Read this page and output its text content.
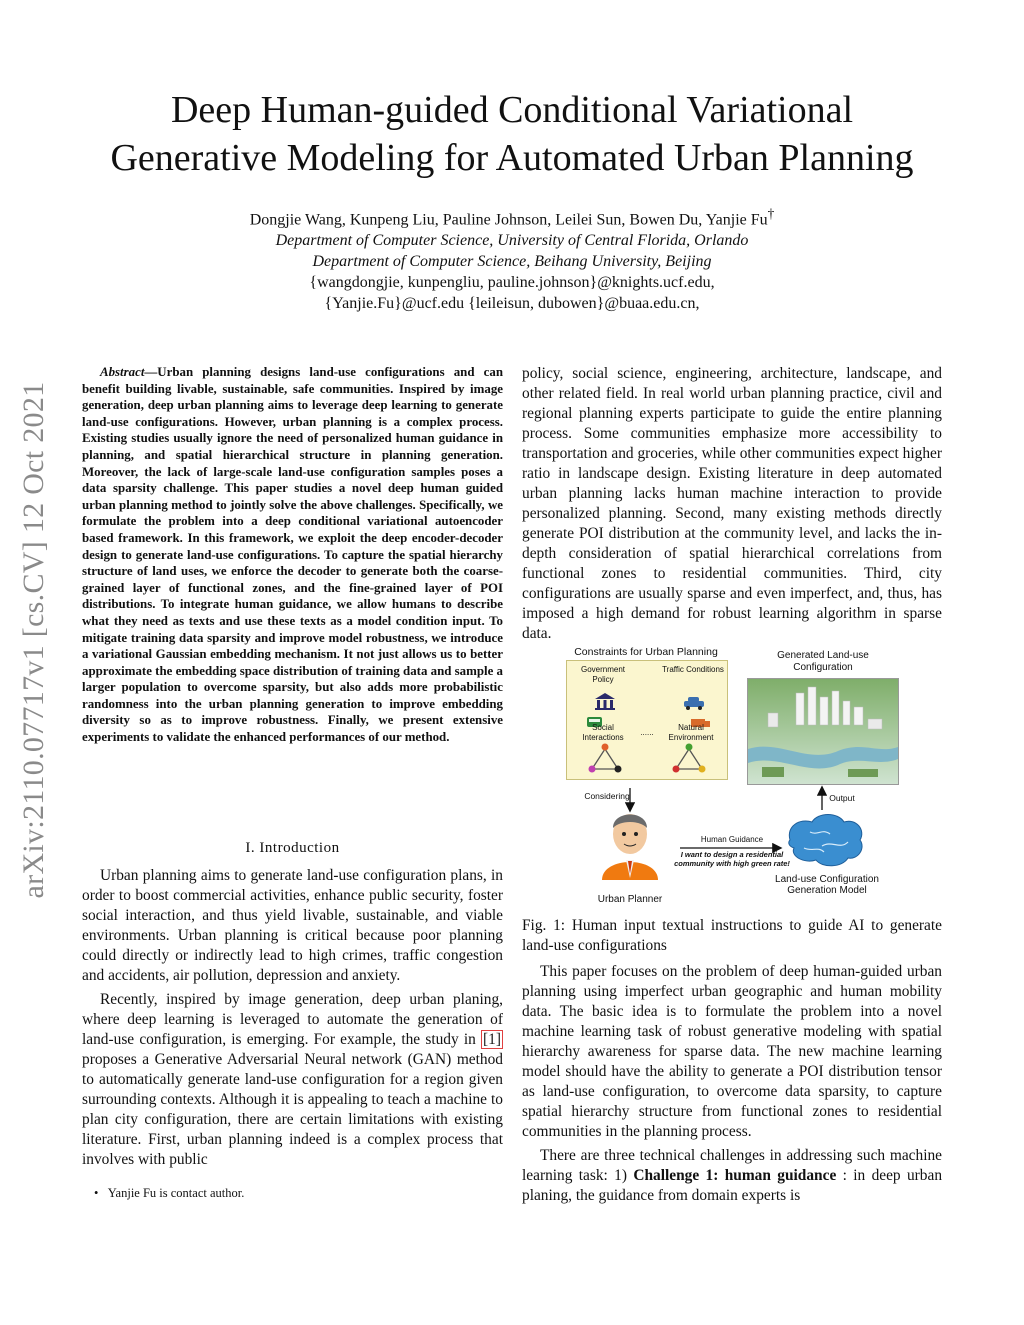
arXiv:2110.07717v1 [cs.CV] 12 Oct 2021
Deep Human-guided Conditional Variational
Generative Modeling for Automated Urban Planning
Dongjie Wang, Kunpeng Liu, Pauline Johnson, Leilei Sun, Bowen Du, Yanjie Fu†
Department of Computer Science, University of Central Florida, Orlando
Department of Computer Science, Beihang University, Beijing
{wangdongjie, kunpengliu, pauline.johnson}@knights.ucf.edu,
{Yanjie.Fu}@ucf.edu {leileisun, dubowen}@buaa.edu.cn,

Abstract—Urban planning designs land-use configurations and can benefit building livable, sustainable, safe communities. Inspired by image generation, deep urban planning aims to leverage deep learning to generate land-use configurations. However, urban planning is a complex process. Existing studies usually ignore the need of personalized human guidance in planning, and spatial hierarchical structure in planning generation. Moreover, the lack of large-scale land-use configuration samples poses a data sparsity challenge. This paper studies a novel deep human guided urban planning method to jointly solve the above challenges. Specifically, we formulate the problem into a deep conditional variational autoencoder based framework. In this framework, we exploit the deep encoder-decoder design to generate land-use configurations. To capture the spatial hierarchy structure of land uses, we enforce the decoder to generate both the coarse-grained layer of functional zones, and the fine-grained layer of POI distributions. To integrate human guidance, we allow humans to describe what they need as texts and use these texts as a model condition input. To mitigate training data sparsity and improve model robustness, we introduce a variational Gaussian embedding mechanism. It not just allows us to better approximate the embedding space distribution of training data and sample a larger population to overcome sparsity, but also adds more probabilistic randomness into the urban planning generation to improve embedding diversity so as to improve robustness. Finally, we present extensive experiments to validate the enhanced performances of our method.

I. Introduction

Urban planning aims to generate land-use configuration plans, in order to boost commercial activities, enhance public security, foster social interaction, and thus yield livable, sustainable, and viable environments. Urban planning is critical because poor planning could directly or indirectly lead to high crimes, traffic congestion and accidents, air pollution, depression and anxiety.

Recently, inspired by image generation, deep urban planing, where deep learning is leveraged to automate the generation of land-use configuration, is emerging. For example, the study in [1] proposes a Generative Adversarial Neural network (GAN) method to automatically generate land-use configuration for a region given surrounding contexts. Although it is appealing to teach a machine to plan city configuration, there are certain limitations with existing literature. First, urban planning indeed is a complex process that involves with public

•   Yanjie Fu is contact author.
policy, social science, engineering, architecture, landscape, and other related field. In real world urban planning practice, civil and regional planning experts participate to guide the entire planning process. Some communities emphasize more accessibility to transportation and groceries, while other communities expect higher ratio in landscape design. Existing literature in deep automated urban planning lacks human machine interaction to provide personalized planning. Second, many existing methods directly generate POI distribution at the community level, and lacks the in-depth consideration of spatial hierarchical correlations from functional zones to residential communities. Third, city configurations are usually sparse and even imperfect, and, thus, has imposed a high demand for robust learning algorithm in sparse data.
Constraints for Urban Planning
Government Policy
Traffic Conditions
Social Interactions
......
Natural Environment
Generated Land-use Configuration
Considering	Output
Human Guidance
I want to design a residential community with high green rate!
Urban Planner
Land-use Configuration Generation Model
Fig. 1: Human input textual instructions to guide AI to generate land-use configurations

This paper focuses on the problem of deep human-guided urban planning using imperfect urban geographic and human mobility data. The basic idea is to formulate the problem into a novel machine learning task of robust generative modeling with spatial hierarchy awareness for sparse data. The new machine learning model should have the ability to generate a POI distribution tensor as land-use configuration, to overcome data sparsity, to capture spatial hierarchy structure from functional zones to residential communities in the planning process.

There are three technical challenges in addressing such machine learning task: 1) Challenge 1: human guidance : in deep urban planing, the guidance from domain experts is
